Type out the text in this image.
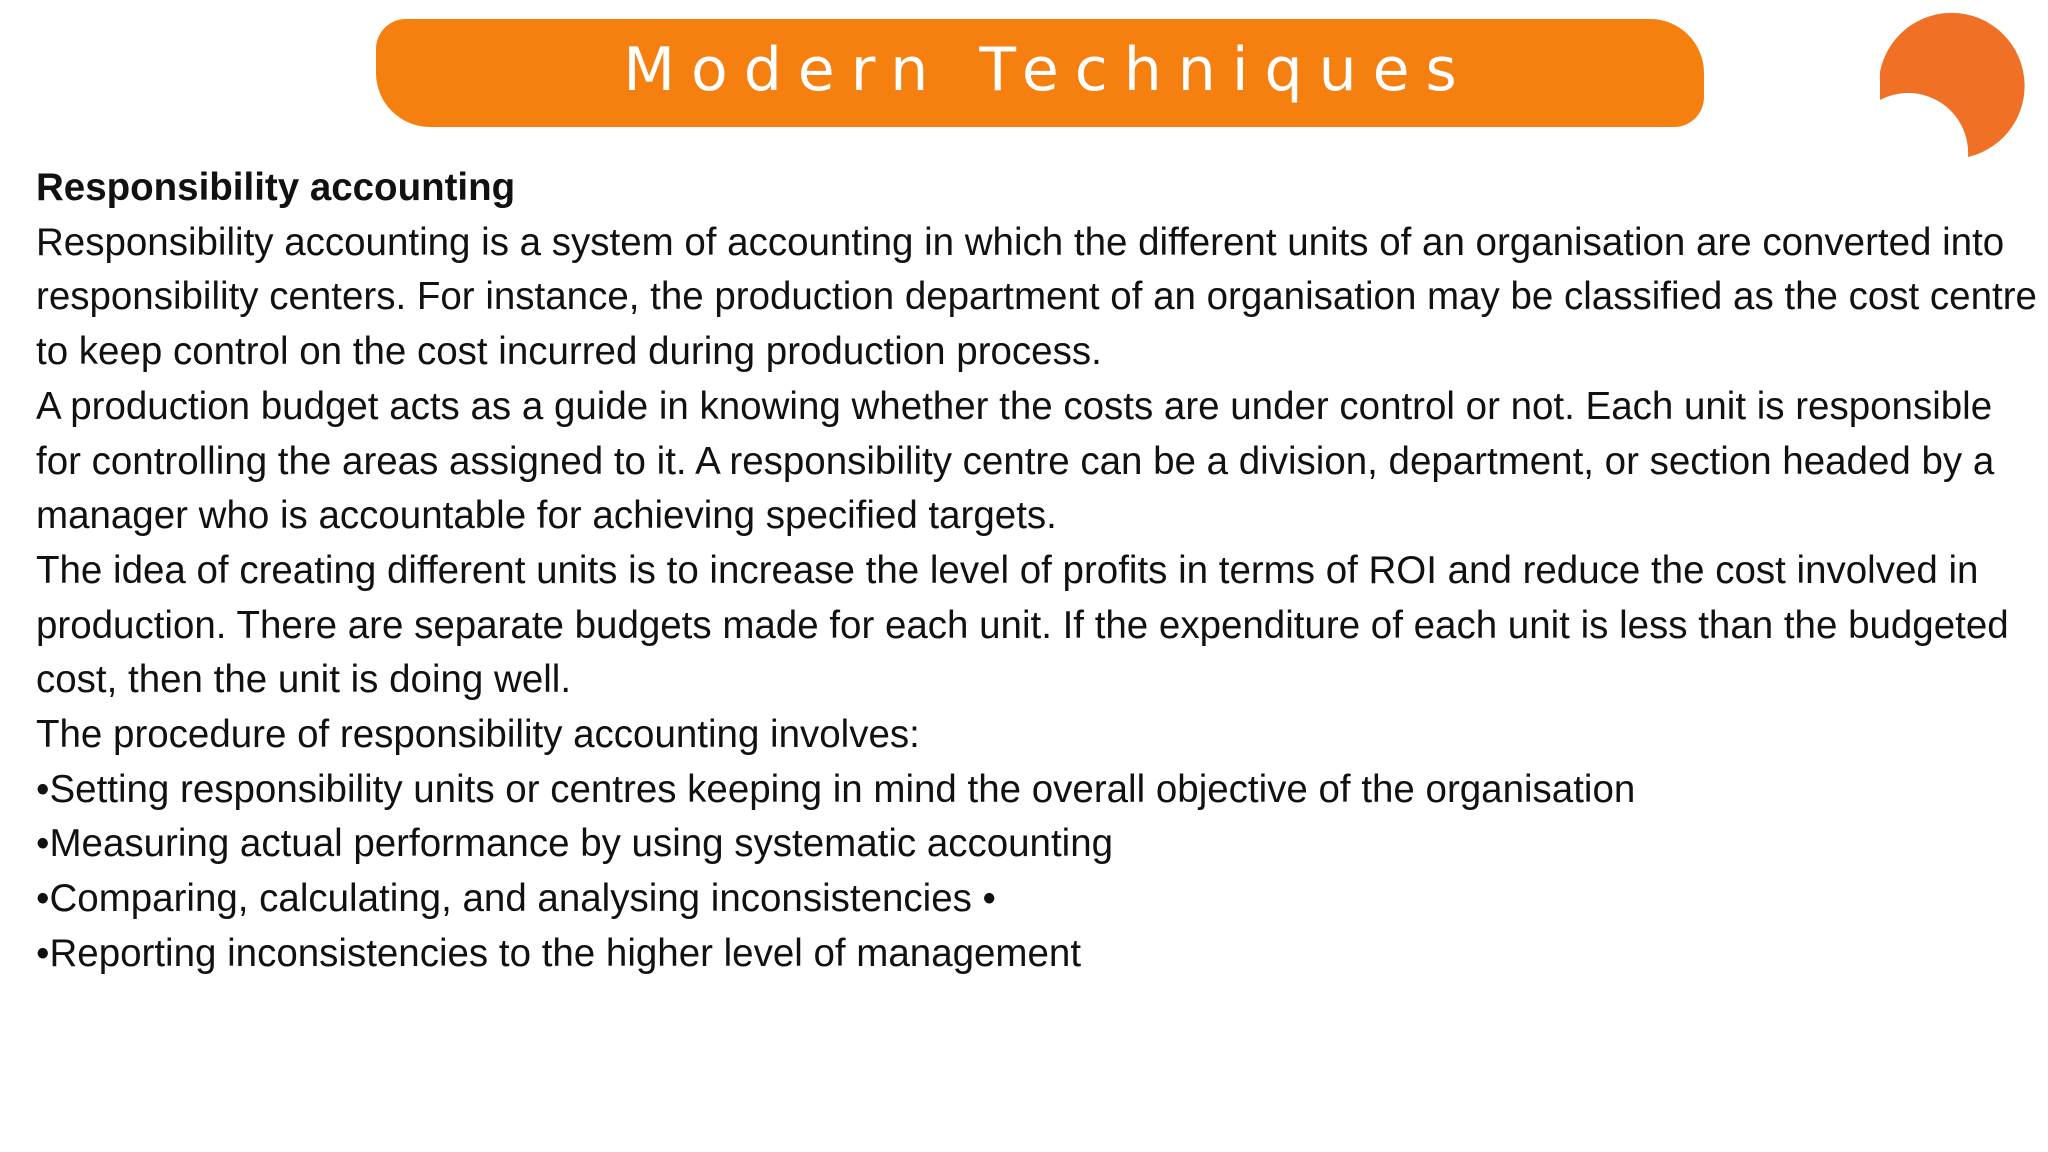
Modern Techniques

Responsibility accounting

Responsibility accounting is a system of accounting in which the different units of an organisation are converted into responsibility centers. For instance, the production department of an organisation may be classified as the cost centre to keep control on the cost incurred during production process.

A production budget acts as a guide in knowing whether the costs are under control or not. Each unit is responsible for controlling the areas assigned to it. A responsibility centre can be a division, department, or section headed by a manager who is accountable for achieving specified targets.

The idea of creating different units is to increase the level of profits in terms of ROI and reduce the cost involved in production. There are separate budgets made for each unit. If the expenditure of each unit is less than the budgeted cost, then the unit is doing well.

The procedure of responsibility accounting involves:

•Setting responsibility units or centres keeping in mind the overall objective of the organisation

•Measuring actual performance by using systematic accounting

•Comparing, calculating, and analysing inconsistencies •

•Reporting inconsistencies to the higher level of management
